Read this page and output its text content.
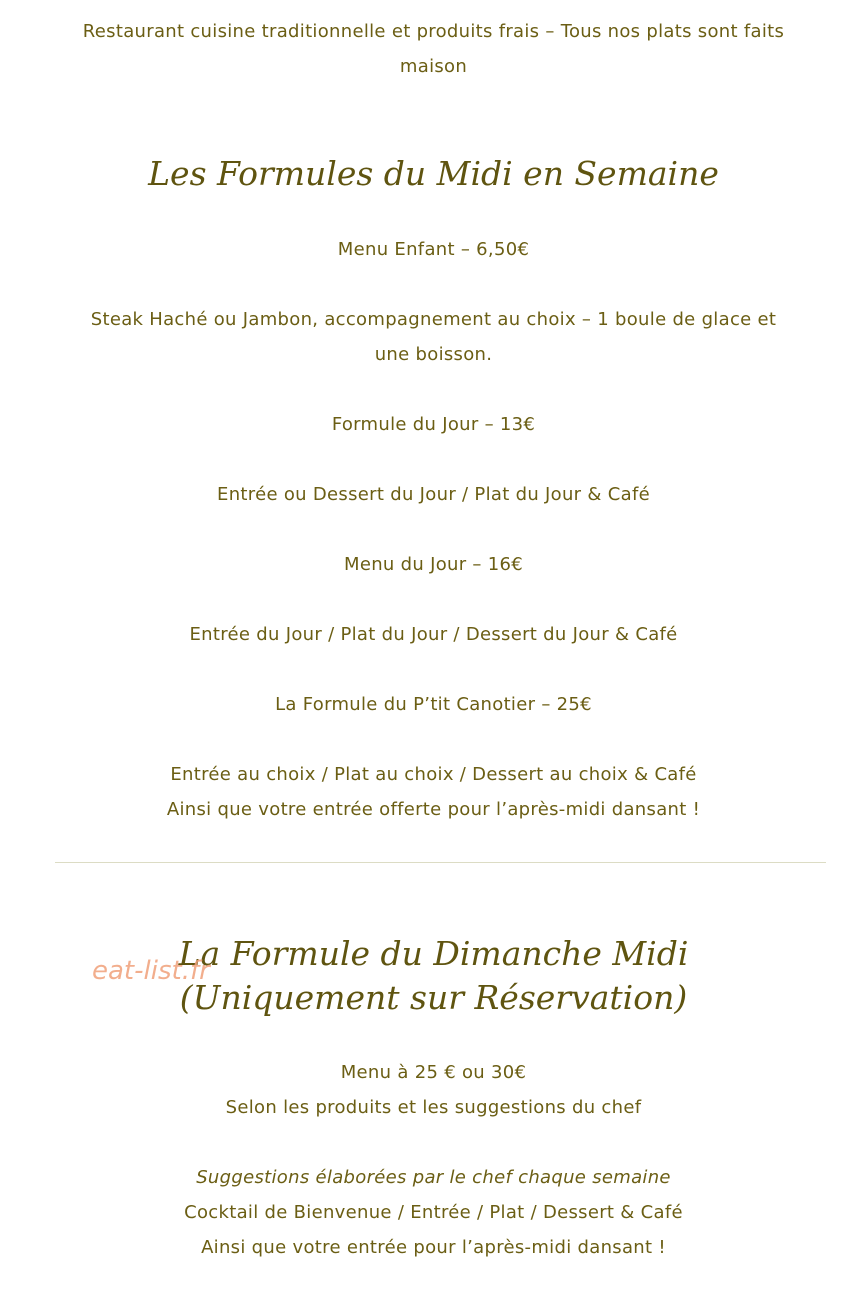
Restaurant cuisine traditionnelle et produits frais – Tous nos plats sont faits
maison
Les Formules du Midi en Semaine
Menu Enfant – 6,50€
Steak Haché ou Jambon, accompagnement au choix – 1 boule de glace et
une boisson.
Formule du Jour – 13€
Entrée ou Dessert du Jour / Plat du Jour & Café
Menu du Jour – 16€
Entrée du Jour / Plat du Jour / Dessert du Jour & Café
La Formule du P’tit Canotier – 25€
Entrée au choix / Plat au choix / Dessert au choix & Café
Ainsi que votre entrée offerte pour l’après-midi dansant !
La Formule du Dimanche Midi
(Uniquement sur Réservation)
eat-list.fr
Menu à 25 € ou 30€
Selon les produits et les suggestions du chef
Suggestions élaborées par le chef chaque semaine
Cocktail de Bienvenue / Entrée / Plat / Dessert & Café
Ainsi que votre entrée pour l’après-midi dansant !
